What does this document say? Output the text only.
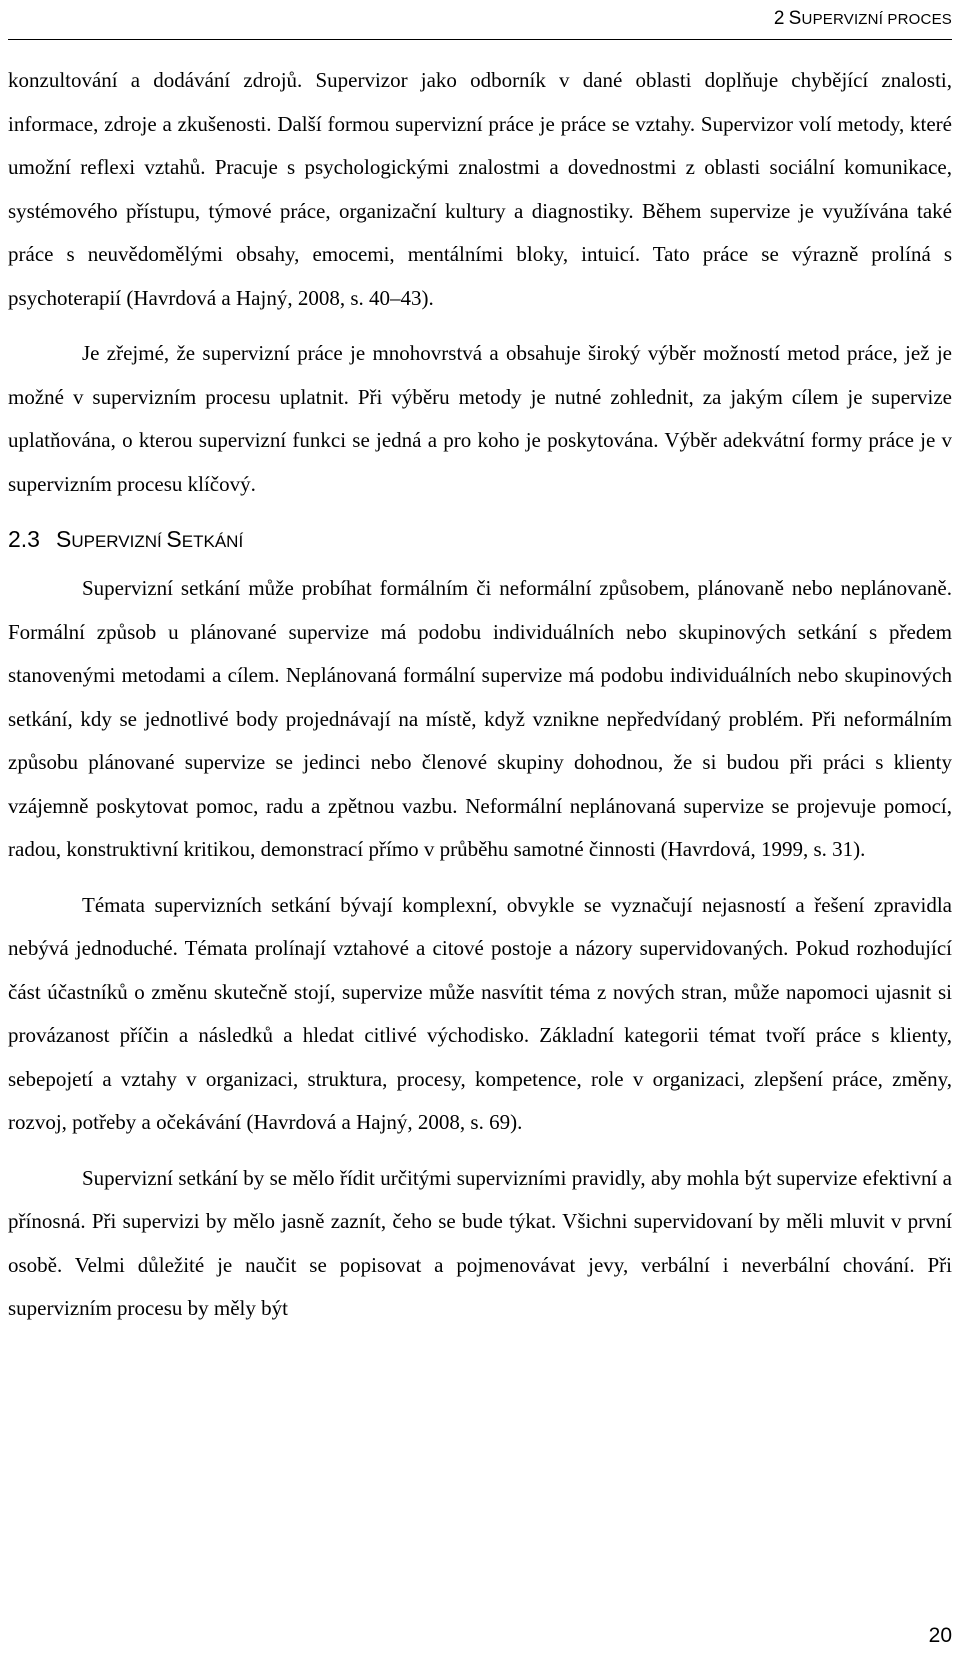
2 SUPERVIZNÍ PROCES

konzultování a dodávání zdrojů. Supervizor jako odborník v dané oblasti doplňuje chybějící znalosti, informace, zdroje a zkušenosti. Další formou supervizní práce je práce se vztahy. Supervizor volí metody, které umožní reflexi vztahů. Pracuje s psychologickými znalostmi a dovednostmi z oblasti sociální komunikace, systémového přístupu, týmové práce, organizační kultury a diagnostiky. Během supervize je využívána také práce s neuvědomělými obsahy, emocemi, mentálními bloky, intuicí. Tato práce se výrazně prolíná s psychoterapií (Havrdová a Hajný, 2008, s. 40‒43).

Je zřejmé, že supervizní práce je mnohovrstvá a obsahuje široký výběr možností metod práce, jež je možné v supervizním procesu uplatnit. Při výběru metody je nutné zohlednit, za jakým cílem je supervize uplatňována, o kterou supervizní funkci se jedná a pro koho je poskytována. Výběr adekvátní formy práce je v supervizním procesu klíčový.

2.3 SUPERVIZNÍ SETKÁNÍ

Supervizní setkání může probíhat formálním či neformální způsobem, plánovaně nebo neplánovaně. Formální způsob u plánované supervize má podobu individuálních nebo skupinových setkání s předem stanovenými metodami a cílem. Neplánovaná formální supervize má podobu individuálních nebo skupinových setkání, kdy se jednotlivé body projednávají na místě, když vznikne nepředvídaný problém. Při neformálním způsobu plánované supervize se jedinci nebo členové skupiny dohodnou, že si budou při práci s klienty vzájemně poskytovat pomoc, radu a zpětnou vazbu. Neformální neplánovaná supervize se projevuje pomocí, radou, konstruktivní kritikou, demonstrací přímo v průběhu samotné činnosti (Havrdová, 1999, s. 31).

Témata supervizních setkání bývají komplexní, obvykle se vyznačují nejasností a řešení zpravidla nebývá jednoduché. Témata prolínají vztahové a citové postoje a názory supervidovaných. Pokud rozhodující část účastníků o změnu skutečně stojí, supervize může nasvítit téma z nových stran, může napomoci ujasnit si provázanost příčin a následků a hledat citlivé východisko. Základní kategorii témat tvoří práce s klienty, sebepojetí a vztahy v organizaci, struktura, procesy, kompetence, role v organizaci, zlepšení práce, změny, rozvoj, potřeby a očekávání (Havrdová a Hajný, 2008, s. 69).

Supervizní setkání by se mělo řídit určitými supervizními pravidly, aby mohla být supervize efektivní a přínosná. Při supervizi by mělo jasně zaznít, čeho se bude týkat. Všichni supervidovaní by měli mluvit v první osobě. Velmi důležité je naučit se popisovat a pojmenovávat jevy, verbální i neverbální chování. Při supervizním procesu by měly být

20
